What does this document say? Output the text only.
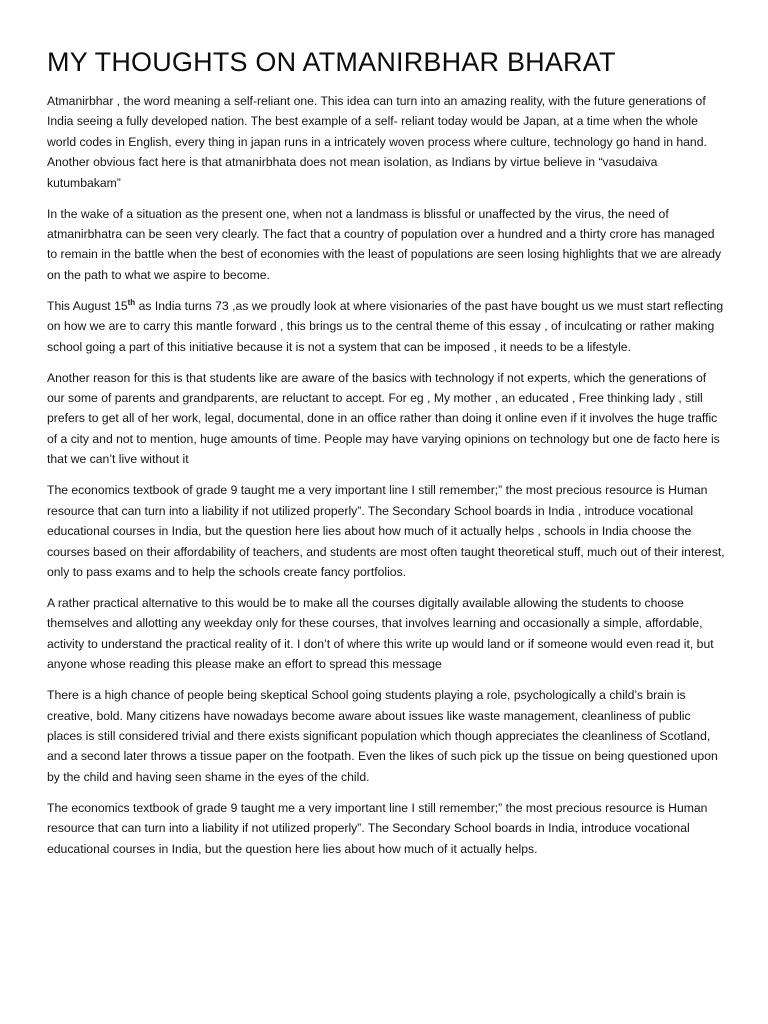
MY THOUGHTS ON ATMANIRBHAR BHARAT

Atmanirbhar , the word meaning a self-reliant one. This idea can turn into an amazing reality, with the future generations of India seeing a fully developed nation. The best example of a self- reliant today would be Japan, at a time when the whole world codes in English, every thing in japan runs in a intricately woven process where culture, technology go hand in hand. Another obvious fact here is that atmanirbhata does not mean isolation, as Indians by virtue believe in “vasudaiva kutumbakam”

In the wake of a situation as the present one, when not a landmass is blissful or unaffected by the virus, the need of atmanirbhatra can be seen very clearly. The fact that a country of population over a hundred and a thirty crore has managed to remain in the battle when the best of economies with the least of populations are seen losing highlights that we are already on the path to what we aspire to become.

This August 15th as India turns 73 ,as we proudly look at where visionaries of the past have bought us we must start reflecting on how we are to carry this mantle forward , this brings us to the central theme of this essay , of inculcating or rather making school going a part of this initiative because it is not a system that can be imposed , it needs to be a lifestyle.

Another reason for this is that students like are aware of the basics with technology if not experts, which the generations of our some of parents and grandparents, are reluctant to accept. For eg , My mother , an educated , Free thinking lady , still prefers to get all of her work, legal, documental, done in an office rather than doing it online even if it involves the huge traffic of a city and not to mention, huge amounts of time. People may have varying opinions on technology but one de facto here is that we can’t live without it

The economics textbook of grade 9 taught me a very important line I still remember;” the most precious resource is Human resource that can turn into a liability if not utilized properly”. The Secondary School boards in India , introduce vocational educational courses in India, but the question here lies about how much of it actually helps , schools in India choose the courses based on their affordability of teachers, and students are most often taught theoretical stuff, much out of their interest, only to pass exams and to help the schools create fancy portfolios.

A rather practical alternative to this would be to make all the courses digitally available allowing the students to choose themselves and allotting any weekday only for these courses, that involves learning and occasionally a simple, affordable, activity to understand the practical reality of it. I don’t of where this write up would land or if someone would even read it, but anyone whose reading this please make an effort to spread this message

There is a high chance of people being skeptical School going students playing a role, psychologically a child’s brain is creative, bold. Many citizens have nowadays become aware about issues like waste management, cleanliness of public places is still considered trivial and there exists significant population which though appreciates the cleanliness of Scotland, and a second later throws a tissue paper on the footpath. Even the likes of such pick up the tissue on being questioned upon by the child and having seen shame in the eyes of the child.

The economics textbook of grade 9 taught me a very important line I still remember;” the most precious resource is Human resource that can turn into a liability if not utilized properly”. The Secondary School boards in India, introduce vocational educational courses in India, but the question here lies about how much of it actually helps.
